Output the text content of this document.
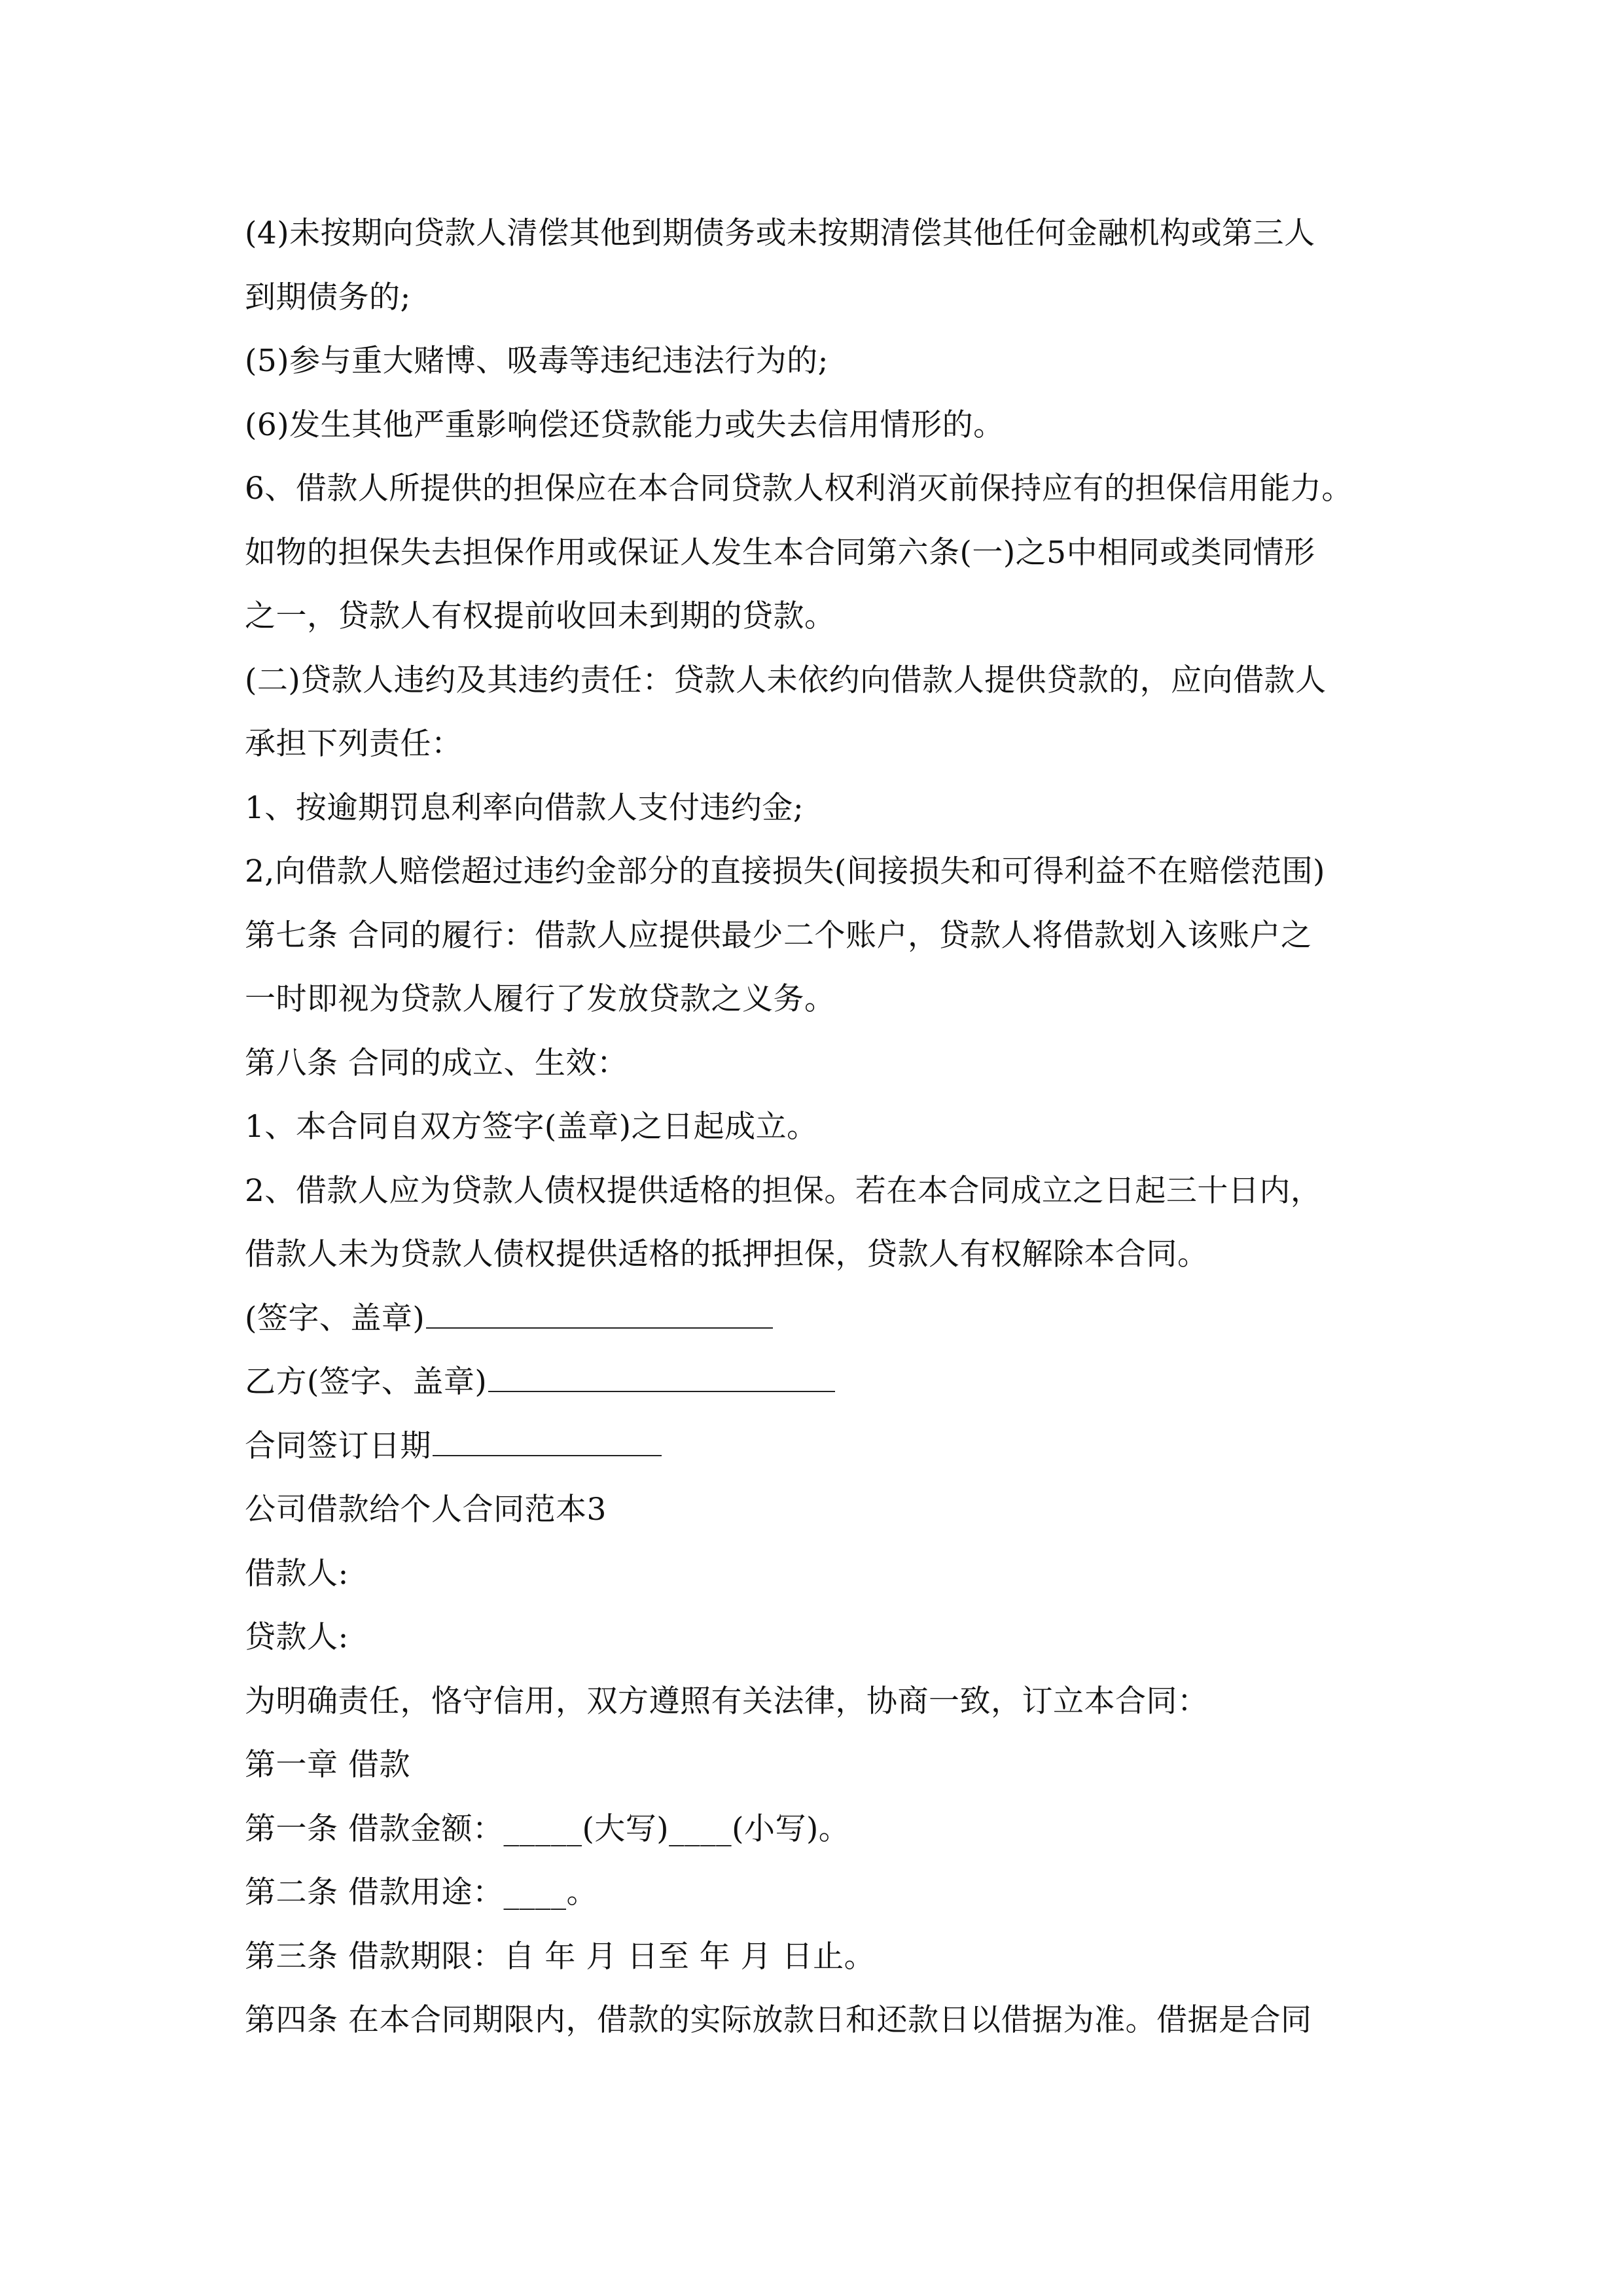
(4)未按期向贷款人清偿其他到期债务或未按期清偿其他任何金融机构或第三人
到期债务的;
(5)参与重大赌博、吸毒等违纪违法行为的;
(6)发生其他严重影响偿还贷款能力或失去信用情形的。
6、借款人所提供的担保应在本合同贷款人权利消灭前保持应有的担保信用能力。
如物的担保失去担保作用或保证人发生本合同第六条(一)之5中相同或类同情形
之一，贷款人有权提前收回未到期的贷款。
(二)贷款人违约及其违约责任：贷款人未依约向借款人提供贷款的，应向借款人
承担下列责任：
1、按逾期罚息利率向借款人支付违约金;
2,向借款人赔偿超过违约金部分的直接损失(间接损失和可得利益不在赔偿范围)
第七条 合同的履行：借款人应提供最少二个账户，贷款人将借款划入该账户之
一时即视为贷款人履行了发放贷款之义务。
第八条 合同的成立、生效：
1、本合同自双方签字(盖章)之日起成立。
2、借款人应为贷款人债权提供适格的担保。若在本合同成立之日起三十日内，
借款人未为贷款人债权提供适格的抵押担保，贷款人有权解除本合同。
(签字、盖章)
乙方(签字、盖章)
合同签订日期
公司借款给个人合同范本3
借款人:
贷款人:
为明确责任，恪守信用，双方遵照有关法律，协商一致，订立本合同：
第一章 借款
第一条 借款金额：_____(大写)____(小写)。
第二条 借款用途：____。
第三条 借款期限：自 年 月 日至 年 月 日止。
第四条 在本合同期限内，借款的实际放款日和还款日以借据为准。借据是合同
